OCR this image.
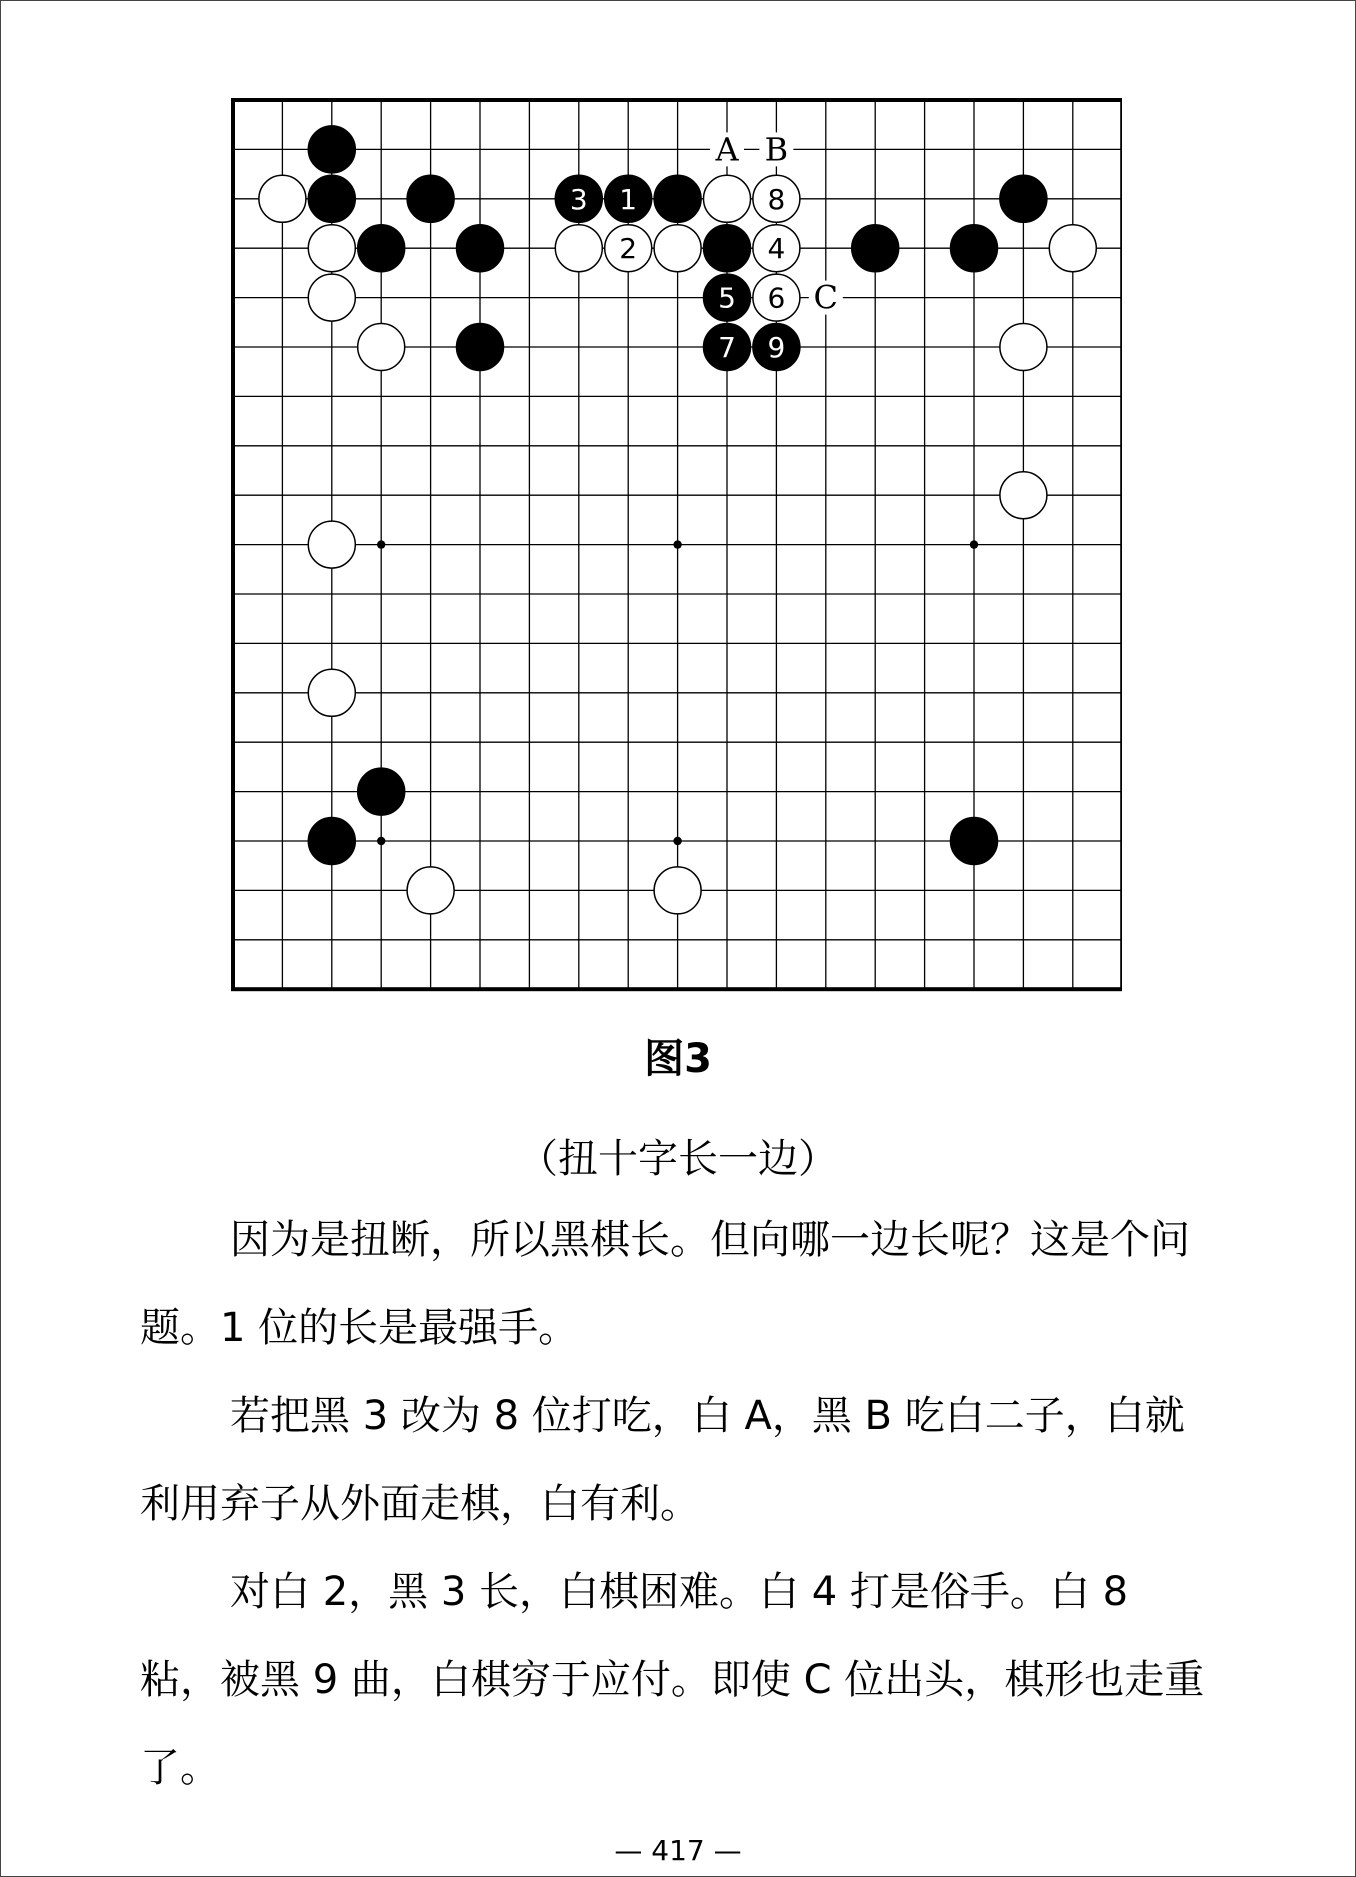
1
2
3
4
5 6
7
8
9
A B
C
图3
（扭十字长一边）

因为是扭断，所以黑棋长。但向哪一边长呢？这是个问题。1 位的长是最强手。

若把黑 3 改为 8 位打吃，白 A，黑 B 吃白二子，白就利用弃子从外面走棋，白有利。

对白 2，黑 3 长，白棋困难。白 4 打是俗手。白 8 粘，被黑 9 曲，白棋穷于应付。即使 C 位出头，棋形也走重了。

— 417 —
